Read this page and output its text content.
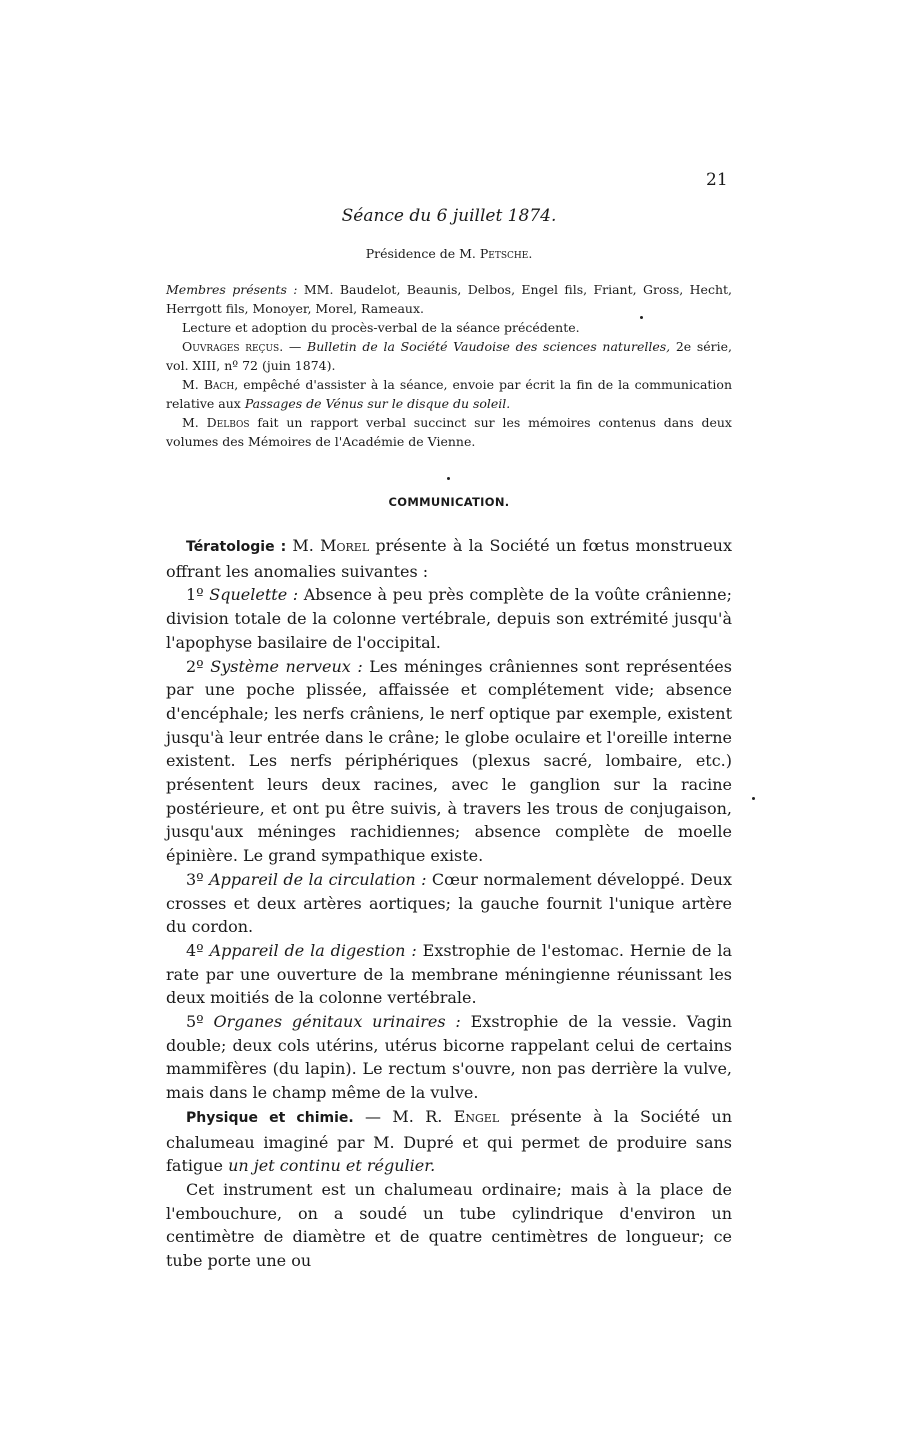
21
Séance du 6 juillet 1874.
Présidence de M. Petsche.

Membres présents : MM. Baudelot, Beaunis, Delbos, Engel fils, Friant, Gross, Hecht, Herrgott fils, Monoyer, Morel, Rameaux.

Lecture et adoption du procès-verbal de la séance précédente.

Ouvrages reçus. — Bulletin de la Société Vaudoise des sciences naturelles, 2e série, vol. XIII, nº 72 (juin 1874).

M. Bach, empêché d'assister à la séance, envoie par écrit la fin de la communication relative aux Passages de Vénus sur le disque du soleil.

M. Delbos fait un rapport verbal succinct sur les mémoires contenus dans deux volumes des Mémoires de l'Académie de Vienne.

COMMUNICATION.

Tératologie : M. Morel présente à la Société un fœtus monstrueux offrant les anomalies suivantes :

1º Squelette : Absence à peu près complète de la voûte crânienne; division totale de la colonne vertébrale, depuis son extrémité jusqu'à l'apophyse basilaire de l'occipital.

2º Système nerveux : Les méninges crâniennes sont représentées par une poche plissée, affaissée et complétement vide; absence d'encéphale; les nerfs crâniens, le nerf optique par exemple, existent jusqu'à leur entrée dans le crâne; le globe oculaire et l'oreille interne existent. Les nerfs périphériques (plexus sacré, lombaire, etc.) présentent leurs deux racines, avec le ganglion sur la racine postérieure, et ont pu être suivis, à travers les trous de conjugaison, jusqu'aux méninges rachidiennes; absence complète de moelle épinière. Le grand sympathique existe.

3º Appareil de la circulation : Cœur normalement développé. Deux crosses et deux artères aortiques; la gauche fournit l'unique artère du cordon.

4º Appareil de la digestion : Exstrophie de l'estomac. Hernie de la rate par une ouverture de la membrane méningienne réunissant les deux moitiés de la colonne vertébrale.

5º Organes génitaux urinaires : Exstrophie de la vessie. Vagin double; deux cols utérins, utérus bicorne rappelant celui de certains mammifères (du lapin). Le rectum s'ouvre, non pas derrière la vulve, mais dans le champ même de la vulve.

Physique et chimie. — M. R. Engel présente à la Société un chalumeau imaginé par M. Dupré et qui permet de produire sans fatigue un jet continu et régulier.

Cet instrument est un chalumeau ordinaire; mais à la place de l'embouchure, on a soudé un tube cylindrique d'environ un centimètre de diamètre et de quatre centimètres de longueur; ce tube porte une ou
